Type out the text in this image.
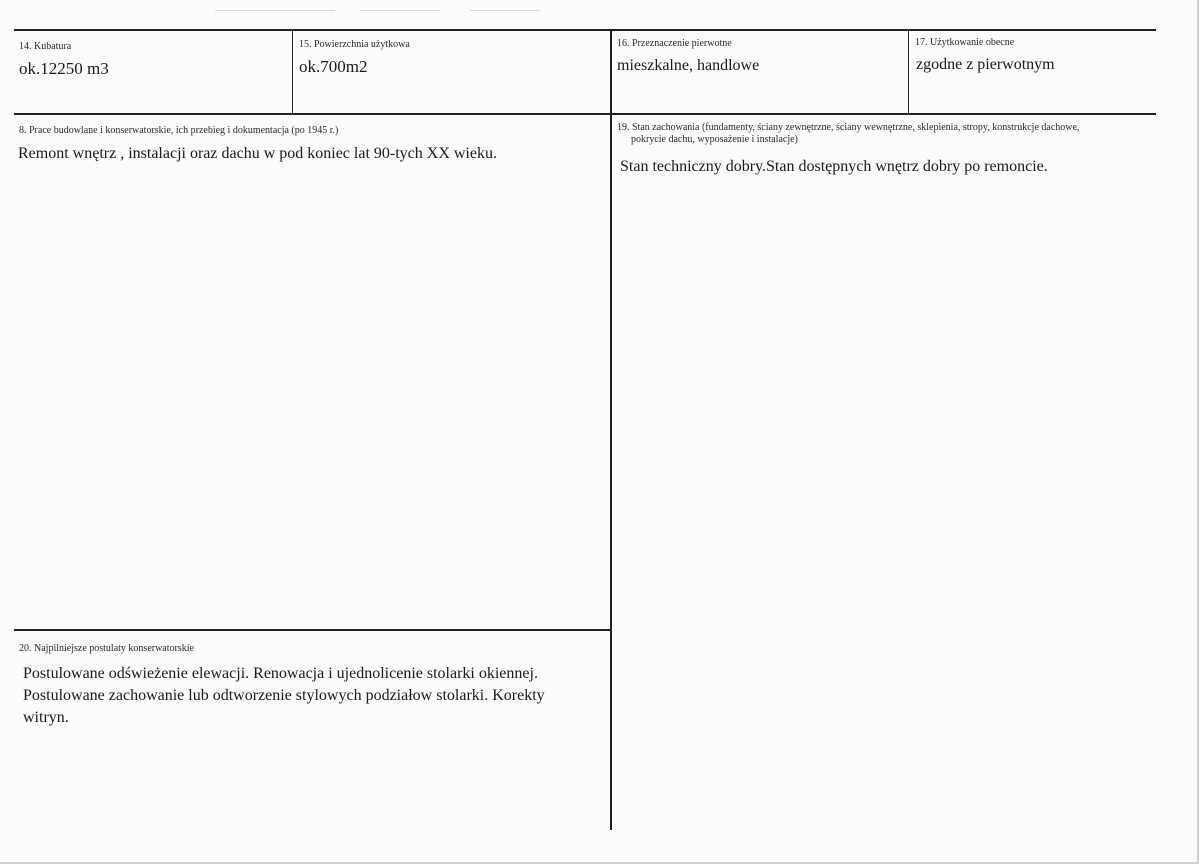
14. Kubatura
ok.12250 m3
15. Powierzchnia użytkowa
ok.700m2
16. Przeznaczenie pierwotne
mieszkalne, handlowe
17. Użytkowanie obecne
zgodne z pierwotnym
8. Prace budowlane i konserwatorskie, ich przebieg i dokumentacja (po 1945 r.)
Remont wnętrz , instalacji oraz dachu w pod koniec lat 90-tych XX wieku.
19. Stan zachowania (fundamenty, ściany zewnętrzne, ściany wewnętrzne, sklepienia, stropy, konstrukcje dachowe,
pokrycie dachu, wyposażenie i instalacje)
Stan techniczny dobry.Stan dostępnych wnętrz dobry po remoncie.
20. Najpilniejsze postulaty konserwatorskie
Postulowane odświeżenie elewacji. Renowacja i ujednolicenie stolarki okiennej.
Postulowane zachowanie lub odtworzenie stylowych podziałow stolarki. Korekty
witryn.
